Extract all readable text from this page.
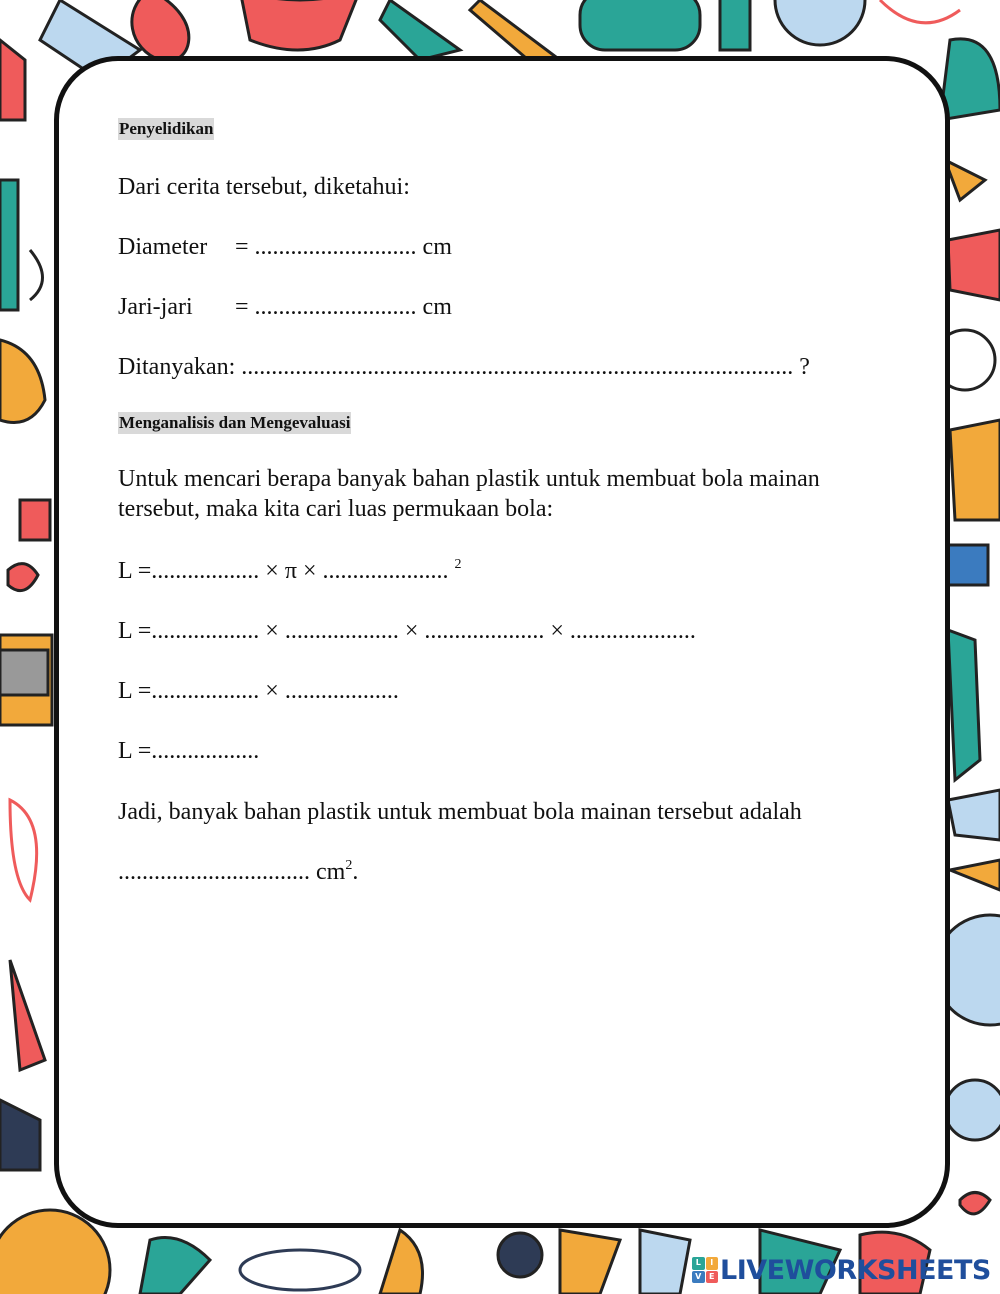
Penyelidikan
Dari cerita tersebut, diketahui:
Diameter = ........................... cm
Jari-jari = ........................... cm
Ditanyakan: ............................................................................................ ?
Menganalisis dan Mengevaluasi
Untuk mencari berapa banyak bahan plastik untuk membuat bola mainan tersebut, maka kita cari luas permukaan bola:
L =.................. × π × ..................... $^2$
L =.................. × ................... × .................... × .....................
L =.................. × ...................
L =..................
Jadi, banyak bahan plastik untuk membuat bola mainan tersebut adalah
................................ $cm^2$.
L	I
V E LIVEWORKSHEETS
